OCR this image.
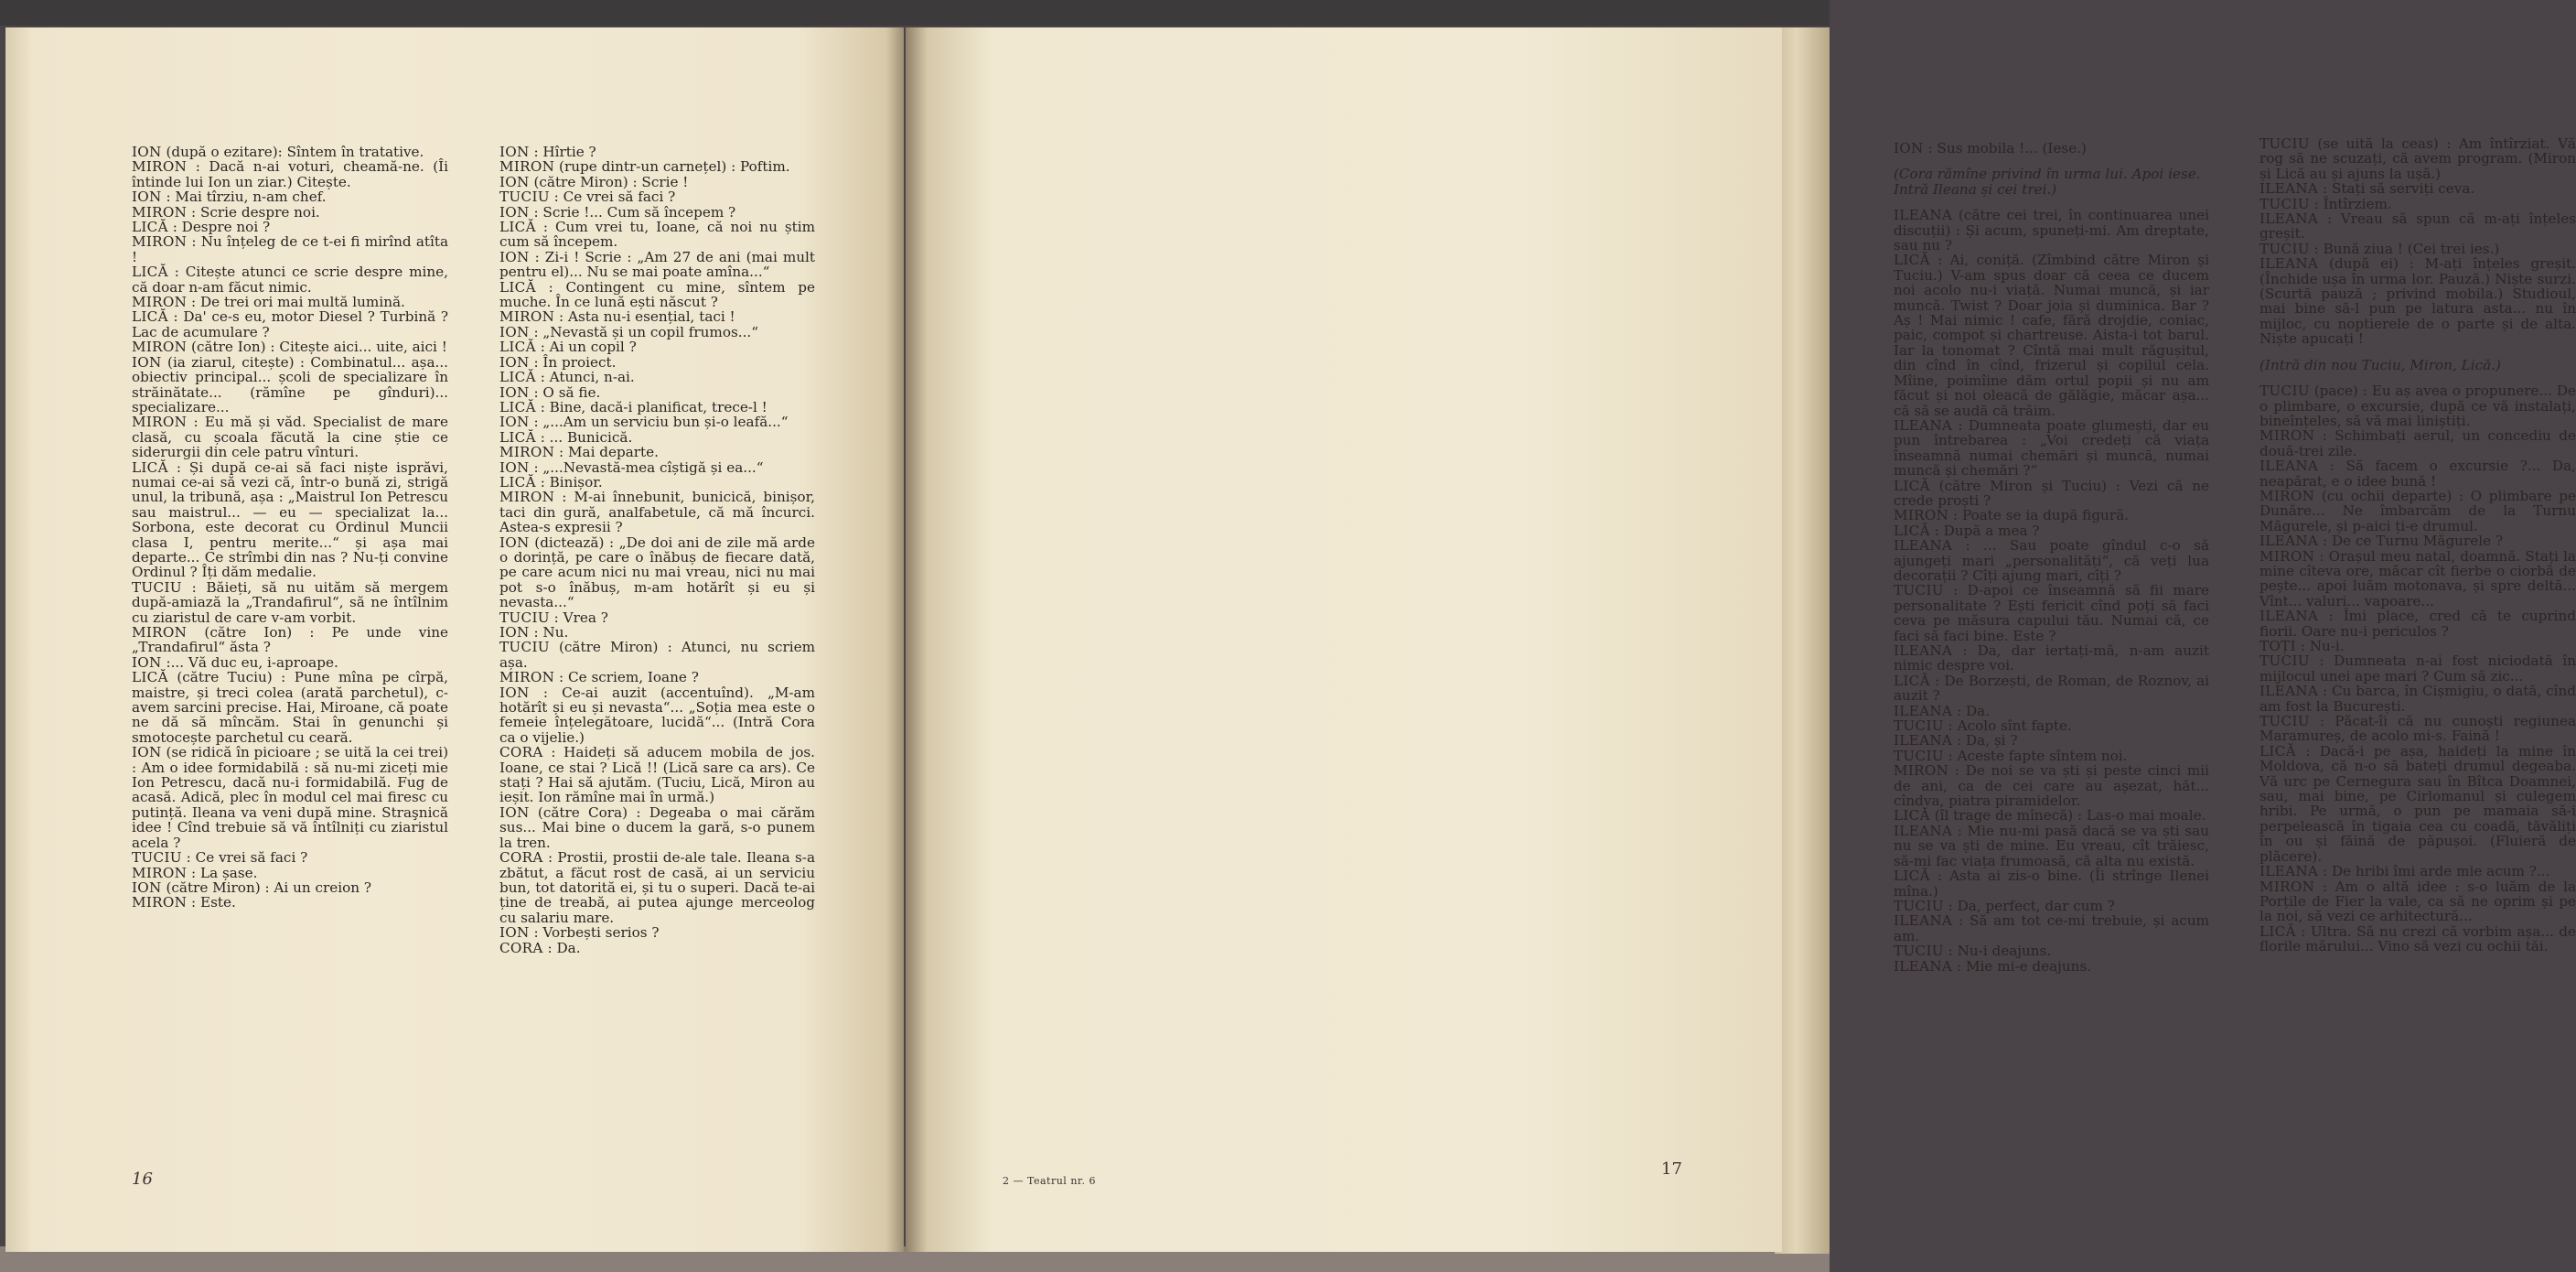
ION (după o ezitare): Sîntem în tratative.

MIRON : Dacă n-ai voturi, cheamă-ne. (Îi întinde lui Ion un ziar.) Citește.

ION : Mai tîrziu, n-am chef.

MIRON : Scrie despre noi.

LICĂ : Despre noi ?

MIRON : Nu înțeleg de ce t-ei fi mirînd atîta !

LICĂ : Citește atunci ce scrie despre mine, că doar n-am făcut nimic.

MIRON : De trei ori mai multă lumină.

LICĂ : Da' ce-s eu, motor Diesel ? Turbină ? Lac de acumulare ?

MIRON (către Ion) : Citește aici... uite, aici !

ION (ia ziarul, citește) : Combinatul... așa... obiectiv principal... școli de specializare în străinătate... (rămîne pe gînduri)... specializare...

MIRON : Eu mă și văd. Specialist de mare clasă, cu școala făcută la cine știe ce siderurgii din cele patru vînturi.

LICĂ : Și după ce-ai să faci niște isprăvi, numai ce-ai să vezi că, într-o bună zi, strigă unul, la tribună, așa : „Maistrul Ion Petrescu sau maistrul... — eu — specializat la... Sorbona, este decorat cu Ordinul Muncii clasa I, pentru merite...“ și așa mai departe... Ce strîmbi din nas ? Nu-ți convine Ordinul ? Îți dăm medalie.

TUCIU : Băieți, să nu uităm să mergem după-amiază la „Trandafirul“, să ne întîlnim cu ziaristul de care v-am vorbit.

MIRON (către Ion) : Pe unde vine „Trandafirul“ ăsta ?

ION :... Vă duc eu, i-aproape.

LICĂ (către Tuciu) : Pune mîna pe cîrpă, maistre, și treci colea (arată parchetul), c-avem sarcini precise. Hai, Miroane, că poate ne dă să mîncăm. Stai în genunchi și smotocește parchetul cu ceară.

ION (se ridică în picioare ; se uită la cei trei) : Am o idee formidabilă : să nu-mi ziceți mie Ion Petrescu, dacă nu-i formidabilă. Fug de acasă. Adică, plec în modul cel mai firesc cu putință. Ileana va veni după mine. Straşnică idee ! Cînd trebuie să vă întîlniți cu ziaristul acela ?

TUCIU : Ce vrei să faci ?

MIRON : La șase.

ION (către Miron) : Ai un creion ?

MIRON : Este.

ION : Hîrtie ?

MIRON (rupe dintr-un carnețel) : Poftim.

ION (către Miron) : Scrie !

TUCIU : Ce vrei să faci ?

ION : Scrie !... Cum să începem ?

LICĂ : Cum vrei tu, Ioane, că noi nu știm cum să începem.

ION : Zi-i ! Scrie : „Am 27 de ani (mai mult pentru el)... Nu se mai poate amîna...“

LICĂ : Contingent cu mine, sîntem pe muche. În ce lună ești născut ?

MIRON : Asta nu-i esențial, taci !

ION : „Nevastă și un copil frumos...“

LICĂ : Ai un copil ?

ION : În proiect.

LICĂ : Atunci, n-ai.

ION : O să fie.

LICĂ : Bine, dacă-i planificat, trece-l !

ION : „...Am un serviciu bun și-o leafă...“

LICĂ : ... Bunicică.

MIRON : Mai departe.

ION : „...Nevastă-mea cîștigă și ea...“

LICĂ : Binișor.

MIRON : M-ai înnebunit, bunicică, binișor, taci din gură, analfabetule, că mă încurci. Astea-s expresii ?

ION (dictează) : „De doi ani de zile mă arde o dorință, pe care o înăbuș de fiecare dată, pe care acum nici nu mai vreau, nici nu mai pot s-o înăbuș, m-am hotărît și eu și nevasta...“

TUCIU : Vrea ?

ION : Nu.

TUCIU (către Miron) : Atunci, nu scriem așa.

MIRON : Ce scriem, Ioane ?

ION : Ce-ai auzit (accentuînd). „M-am hotărît și eu și nevasta“... „Soția mea este o femeie înțelegătoare, lucidă“... (Intră Cora ca o vijelie.)

CORA : Haideți să aducem mobila de jos. Ioane, ce stai ? Lică !! (Lică sare ca ars). Ce stați ? Hai să ajutăm. (Tuciu, Lică, Miron au ieșit. Ion rămîne mai în urmă.)

ION (către Cora) : Degeaba o mai cărăm sus... Mai bine o ducem la gară, s-o punem la tren.

CORA : Prostii, prostii de-ale tale. Ileana s-a zbătut, a făcut rost de casă, ai un serviciu bun, tot datorită ei, și tu o superi. Dacă te-ai ține de treabă, ai putea ajunge merceolog cu salariu mare.

ION : Vorbești serios ?

CORA : Da.

16

ION : Sus mobila !... (Iese.)

(Cora rămîne privind în urma lui. Apoi iese. Intră Ileana și cei trei.)

ILEANA (către cei trei, în continuarea unei discuții) : Și acum, spuneți-mi. Am dreptate, sau nu ?

LICĂ : Ai, coniță. (Zîmbind către Miron și Tuciu.) V-am spus doar că ceea ce ducem noi acolo nu-i viață. Numai muncă, și iar muncă. Twist ? Doar joia și duminica. Bar ? Aș ! Mai nimic ! cafe, fără drojdie, coniac, paic, compot și chartreuse. Aista-i tot barul. Iar la tonomat ? Cîntă mai mult răgușitul, din cînd în cînd, frizerul și copilul cela. Mîine, poimîine dăm ortul popii și nu am făcut și noi oleacă de gălăgie, măcar așa... că să se audă că trăim.

ILEANA : Dumneata poate glumești, dar eu pun întrebarea : „Voi credeți că viața înseamnă numai chemări și muncă, numai muncă și chemări ?“

LICĂ (către Miron și Tuciu) : Vezi că ne crede proști ?

MIRON : Poate se ia după figură.

LICĂ : După a mea ?

ILEANA : ... Sau poate gîndul c-o să ajungeți mari „personalități“, că veți lua decorații ? Cîți ajung mari, cîți ?

TUCIU : D-apoi ce înseamnă să fii mare personalitate ? Ești fericit cînd poți să faci ceva pe măsura capului tău. Numai că, ce faci să faci bine. Este ?

ILEANA : Da, dar iertați-mă, n-am auzit nimic despre voi.

LICĂ : De Borzești, de Roman, de Roznov, ai auzit ?

ILEANA : Da.

TUCIU : Acolo sînt fapte.

ILEANA : Da, și ?

TUCIU : Aceste fapte sîntem noi.

MIRON : De noi se va ști și peste cinci mii de ani, ca de cei care au așezat, hăt... cîndva, piatra piramidelor.

LICĂ (îl trage de mînecă) : Las-o mai moale.

ILEANA : Mie nu-mi pasă dacă se va ști sau nu se va ști de mine. Eu vreau, cît trăiesc, să-mi fac viața frumoasă, că alta nu există.

LICĂ : Asta ai zis-o bine. (Îi strînge Ilenei mîna.)

TUCIU : Da, perfect, dar cum ?

ILEANA : Să am tot ce-mi trebuie, și acum am.

TUCIU : Nu-i deajuns.

ILEANA : Mie mi-e deajuns.

TUCIU (se uită la ceas) : Am întîrziat. Vă rog să ne scuzați, că avem program. (Miron și Lică au și ajuns la ușă.)

ILEANA : Stați să serviți ceva.

TUCIU : Întîrziem.

ILEANA : Vreau să spun că m-ați înțeles greșit.

TUCIU : Bună ziua ! (Cei trei ies.)

ILEANA (după ei) : M-ați înțeles greșit. (Închide ușa în urma lor. Pauză.) Niște surzi. (Scurtă pauză ; privind mobila.) Studioul, mai bine să-l pun pe latura asta... nu în mijloc, cu noptierele de o parte și de alta. Niște apucați !

(Intră din nou Tuciu, Miron, Lică.)

TUCIU (pace) : Eu aș avea o propunere... De o plimbare, o excursie, după ce vă instalați, bineînțeles, să vă mai liniștiți.

MIRON : Schimbați aerul, un concediu de două-trei zile.

ILEANA : Să facem o excursie ?... Da, neapărat, e o idee bună !

MIRON (cu ochii departe) : O plimbare pe Dunăre... Ne îmbarcăm de la Turnu Măgurele, și p-aici ți-e drumul.

ILEANA : De ce Turnu Măgurele ?

MIRON : Orașul meu natal, doamnă. Stați la mine cîteva ore, măcar cît fierbe o ciorbă de pește... apoi luăm motonava, și spre deltă... Vînt... valuri... vapoare...

ILEANA : Îmi place, cred că te cuprind fiorii. Oare nu-i periculos ?

TOȚI : Nu-i.

TUCIU : Dumneata n-ai fost niciodată în mijlocul unei ape mari ? Cum să zic...

ILEANA : Cu barca, în Cișmigiu, o dată, cînd am fost la București.

TUCIU : Păcat-îi că nu cunoști regiunea Maramureș, de acolo mi-s. Faină !

LICĂ : Dacă-i pe așa, haideți la mine în Moldova, că n-o să bateți drumul degeaba. Vă urc pe Cernegura sau în Bîtca Doamnei, sau, mai bine, pe Cirlomanul și culegem hribi. Pe urmă, o pun pe mamaia să-i perpelească în tigaia cea cu coadă, tăvăliți în ou și făină de păpușoi. (Fluieră de plăcere).

ILEANA : De hribi îmi arde mie acum ?...

MIRON : Am o altă idee : s-o luăm de la Porțile de Fier la vale, ca să ne oprim și pe la noi, să vezi ce arhitectură...

LICĂ : Ultra. Să nu crezi că vorbim așa... de florile mărului... Vino să vezi cu ochii tăi.

2 — Teatrul nr. 6
17
